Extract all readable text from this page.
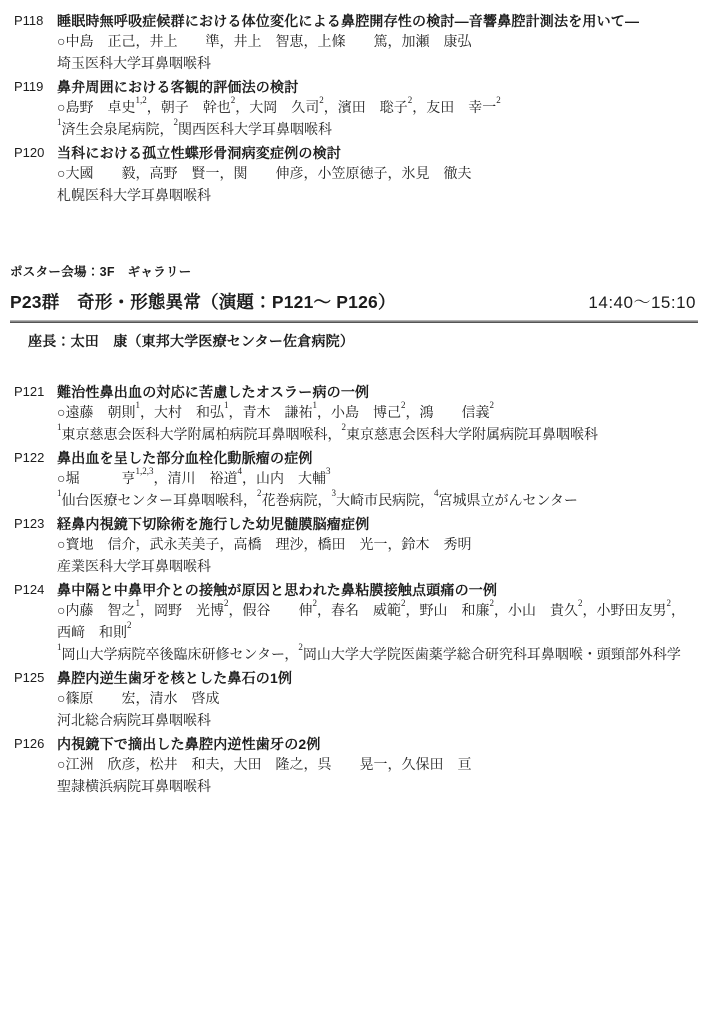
P118 睡眠時無呼吸症候群における体位変化による鼻腔開存性の検討―音響鼻腔計測法を用いて―
○中島　正己，井上　　準，井上　智恵，上條　　篤，加瀬　康弘
埼玉医科大学耳鼻咽喉科
P119 鼻弁周囲における客観的評価法の検討
○島野　卓史$^{1,2}$，朝子　幹也$^2$，大岡　久司$^2$，濱田　聡子$^2$，友田　幸一$^2$
$^1$済生会泉尾病院，$^2$関西医科大学耳鼻咽喉科
P120 当科における孤立性蝶形骨洞病変症例の検討
○大國　　毅，高野　賢一，関　　伸彦，小笠原徳子，氷見　徹夫
札幌医科大学耳鼻咽喉科
ポスター会場：3F　ギャラリー
P23群　奇形・形態異常（演題：P121～ P126）	14:40～15:10
座長：太田　康（東邦大学医療センター佐倉病院）
P121 難治性鼻出血の対応に苦慮したオスラー病の一例
○遠藤　朝則$^1$，大村　和弘$^1$，青木　謙祐$^1$，小島　博己$^2$，鴻　　信義$^2$
$^1$東京慈恵会医科大学附属柏病院耳鼻咽喉科，$^2$東京慈恵会医科大学附属病院耳鼻咽喉科
P122 鼻出血を呈した部分血栓化動脈瘤の症例
○堀　　　亨$^{1,2,3}$，清川　裕道$^4$，山内　大輔$^3$
$^1$仙台医療センター耳鼻咽喉科，$^2$花巻病院，$^3$大崎市民病院，$^4$宮城県立がんセンター
P123 経鼻内視鏡下切除術を施行した幼児髄膜脳瘤症例
○寳地　信介，武永芙美子，高橋　理沙，橋田　光一，鈴木　秀明
産業医科大学耳鼻咽喉科
P124 鼻中隔と中鼻甲介との接触が原因と思われた鼻粘膜接触点頭痛の一例
○内藤　智之$^1$，岡野　光博$^2$，假谷　　伸$^2$，春名　威範$^2$，野山　和廉$^2$，小山　貴久$^2$，小野田友男$^2$，
西﨑　和則$^2$
$^1$岡山大学病院卒後臨床研修センター，$^2$岡山大学大学院医歯薬学総合研究科耳鼻咽喉・頭頸部外科学
P125 鼻腔内逆生歯牙を核とした鼻石の1例
○篠原　　宏，清水　啓成
河北総合病院耳鼻咽喉科
P126 内視鏡下で摘出した鼻腔内逆性歯牙の2例
○江洲　欣彦，松井　和夫，大田　隆之，呉　　晃一，久保田　亘
聖隷横浜病院耳鼻咽喉科
